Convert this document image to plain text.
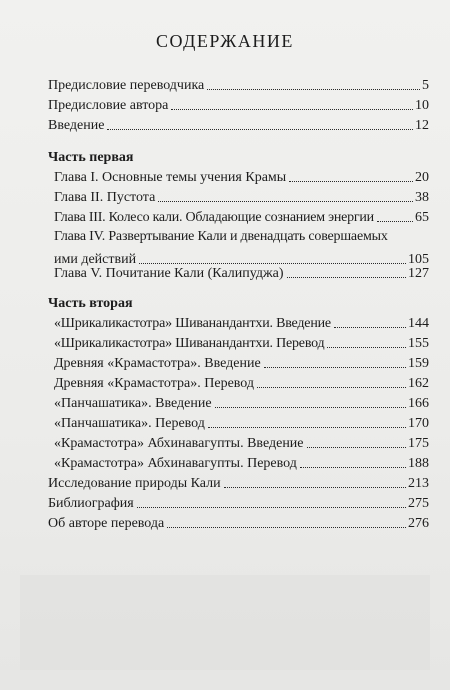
СОДЕРЖАНИЕ
Предисловие переводчика	5
Предисловие автора	10
Введение	12
Часть первая
Глава I. Основные темы учения Крамы	20
Глава II. Пустота	38
Глава III. Колесо кали. Обладающие сознанием энергии	65
Глава IV. Развертывание Кали и двенадцать совершаемых
ими действий	105
Глава V. Почитание Кали (Калипуджа)	127
Часть вторая
«Шрикаликастотра» Шиванандантхи. Введение	144
«Шрикаликастотра» Шиванандантхи. Перевод	155
Древняя «Крамастотра». Введение	159
Древняя «Крамастотра». Перевод	162
«Панчашатика». Введение	166
«Панчашатика». Перевод	170
«Крамастотра» Абхинавагупты. Введение	175
«Крамастотра» Абхинавагупты. Перевод	188
Исследование природы Кали	213
Библиография	275
Об авторе перевода	276
